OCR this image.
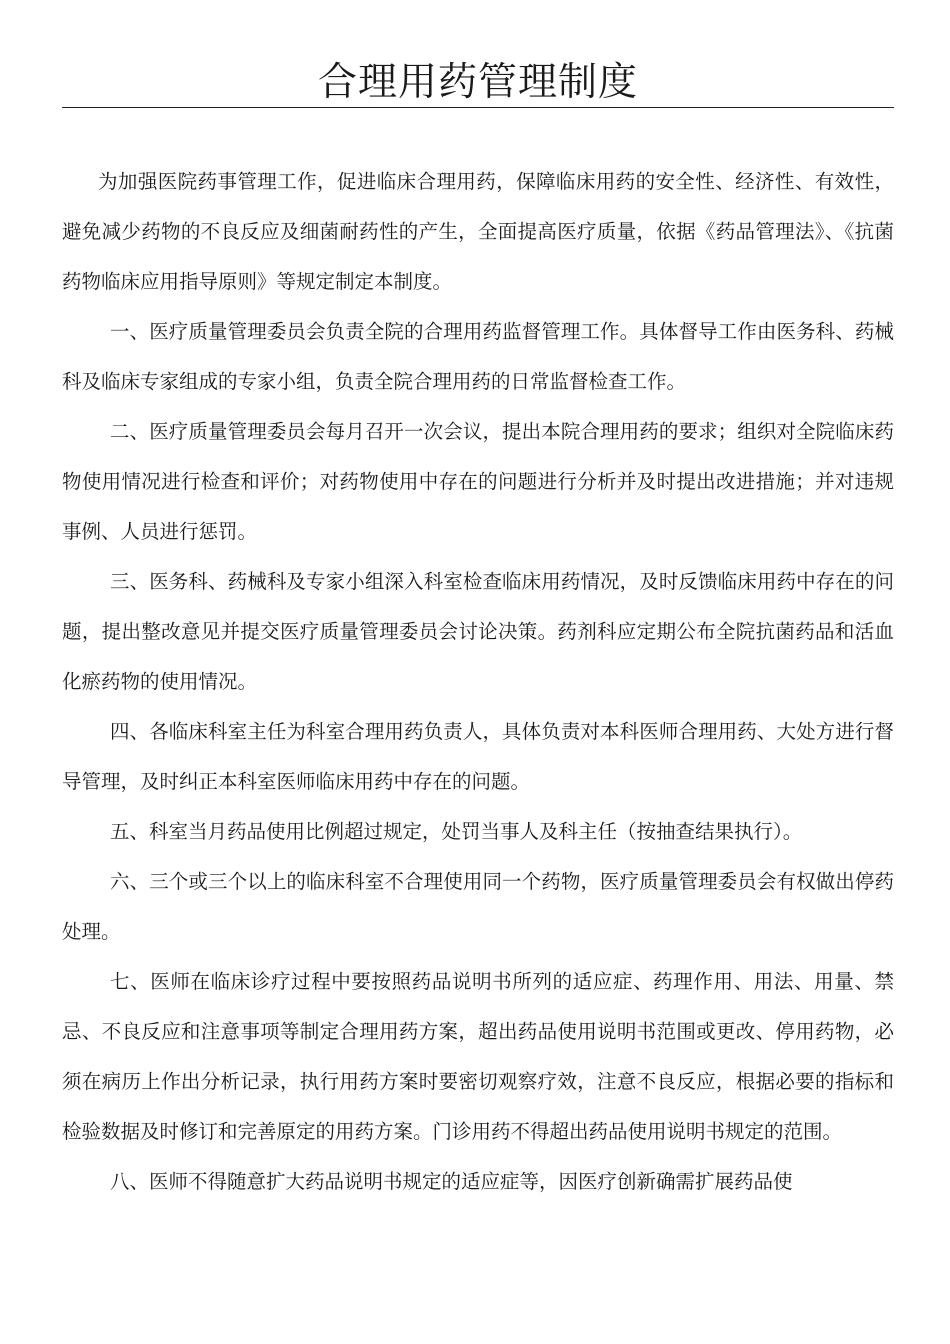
合理用药管理制度

为加强医院药事管理工作，促进临床合理用药，保障临床用药的安全性、经济性、有效性，避免减少药物的不良反应及细菌耐药性的产生，全面提高医疗质量，依据《药品管理法》、《抗菌药物临床应用指导原则》等规定制定本制度。

一、医疗质量管理委员会负责全院的合理用药监督管理工作。具体督导工作由医务科、药械科及临床专家组成的专家小组，负责全院合理用药的日常监督检查工作。

二、医疗质量管理委员会每月召开一次会议，提出本院合理用药的要求；组织对全院临床药物使用情况进行检查和评价；对药物使用中存在的问题进行分析并及时提出改进措施；并对违规事例、人员进行惩罚。

三、医务科、药械科及专家小组深入科室检查临床用药情况，及时反馈临床用药中存在的问题，提出整改意见并提交医疗质量管理委员会讨论决策。药剂科应定期公布全院抗菌药品和活血化瘀药物的使用情况。

四、各临床科室主任为科室合理用药负责人，具体负责对本科医师合理用药、大处方进行督导管理，及时纠正本科室医师临床用药中存在的问题。

五、科室当月药品使用比例超过规定，处罚当事人及科主任（按抽查结果执行）。

六、三个或三个以上的临床科室不合理使用同一个药物，医疗质量管理委员会有权做出停药处理。

七、医师在临床诊疗过程中要按照药品说明书所列的适应症、药理作用、用法、用量、禁忌、不良反应和注意事项等制定合理用药方案，超出药品使用说明书范围或更改、停用药物，必须在病历上作出分析记录，执行用药方案时要密切观察疗效，注意不良反应，根据必要的指标和检验数据及时修订和完善原定的用药方案。门诊用药不得超出药品使用说明书规定的范围。

八、医师不得随意扩大药品说明书规定的适应症等，因医疗创新确需扩展药品使
